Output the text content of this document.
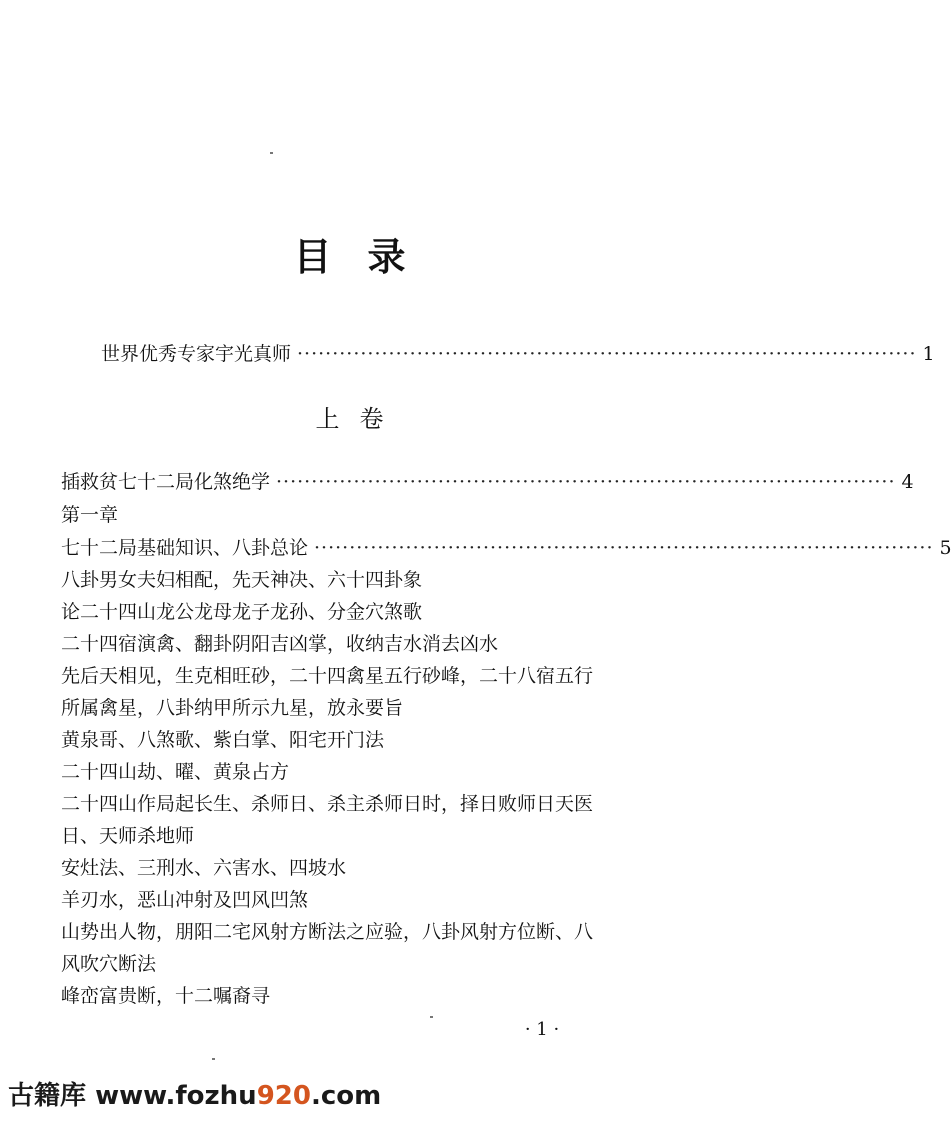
目录
世界优秀专家宇光真师 ························································································ 1
上卷
插救贫七十二局化煞绝学 ························································································ 4
第一章
七十二局基础知识、八卦总论 ························································································ 5
八卦男女夫妇相配，先天神决、六十四卦象
论二十四山龙公龙母龙子龙孙、分金穴煞歌
二十四宿演禽、翻卦阴阳吉凶掌，收纳吉水消去凶水
先后天相见，生克相旺砂，二十四禽星五行砂峰，二十八宿五行
所属禽星，八卦纳甲所示九星，放永要旨
黄泉哥、八煞歌、紫白掌、阳宅开门法
二十四山劫、曜、黄泉占方
二十四山作局起长生、杀师日、杀主杀师日时，择日败师日天医
日、天师杀地师
安灶法、三刑水、六害水、四坡水
羊刃水，恶山冲射及凹风凹煞
山势出人物，朋阳二宅风射方断法之应验，八卦风射方位断、八
风吹穴断法
峰峦富贵断，十二嘱裔寻
· 1 ·
古籍库 www.fozhu920.com
